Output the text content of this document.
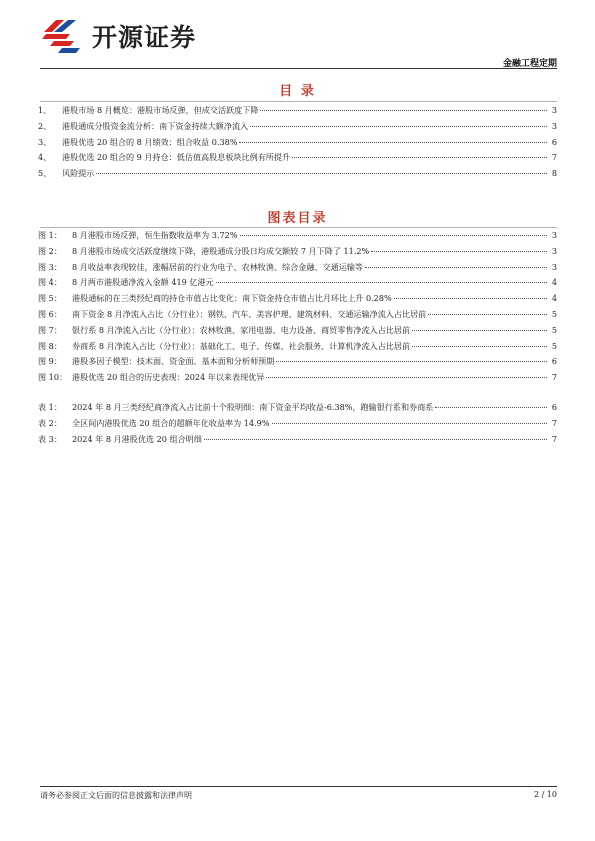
开源证券
金融工程定期
目 录
1、	港股市场 8 月概览：港股市场反弹，但成交活跃度下降	3
2、	港股通成分股资金流分析：南下资金持续大额净流入	3
3、	港股优选 20 组合的 8 月绩效：组合收益 0.38%	6
4、	港股优选 20 组合的 9 月持仓：低估值高股息板块比例有所提升	7
5、	风险提示	8
图表目录
图 1：	8 月港股市场反弹，恒生指数收益率为 3.72%	3
图 2：	8 月港股市场成交活跃度继续下降，港股通成分股日均成交额较 7 月下降了 11.2%	3
图 3：	8 月收益率表现较佳，涨幅居前的行业为电子、农林牧渔、综合金融、交通运输等	3
图 4：	8 月两市港股通净流入金额 419 亿港元	4
图 5：	港股通标的在三类经纪商的持仓市值占比变化：南下资金持仓市值占比月环比上升 0.28%	4
图 6：	南下资金 8 月净流入占比（分行业）：钢铁、汽车、美容护理、建筑材料、交通运输净流入占比居前	5
图 7：	银行系 8 月净流入占比（分行业）：农林牧渔、家用电器、电力设备、商贸零售净流入占比居前	5
图 8：	券商系 8 月净流入占比（分行业）：基础化工、电子、传媒、社会服务、计算机净流入占比居前	5
图 9：	港股多因子模型：技术面、资金面、基本面和分析师预期	6
图 10： 港股优选 20 组合的历史表现：2024 年以来表现优异	7
表 1：	2024 年 8 月三类经纪商净流入占比前十个股明细：南下资金平均收益-6.38%，跑输银行系和券商系	6
表 2：	全区间内港股优选 20 组合的超额年化收益率为 14.9%	7
表 3：	2024 年 8 月港股优选 20 组合明细	7
请务必参阅正文后面的信息披露和法律声明	2 / 10
